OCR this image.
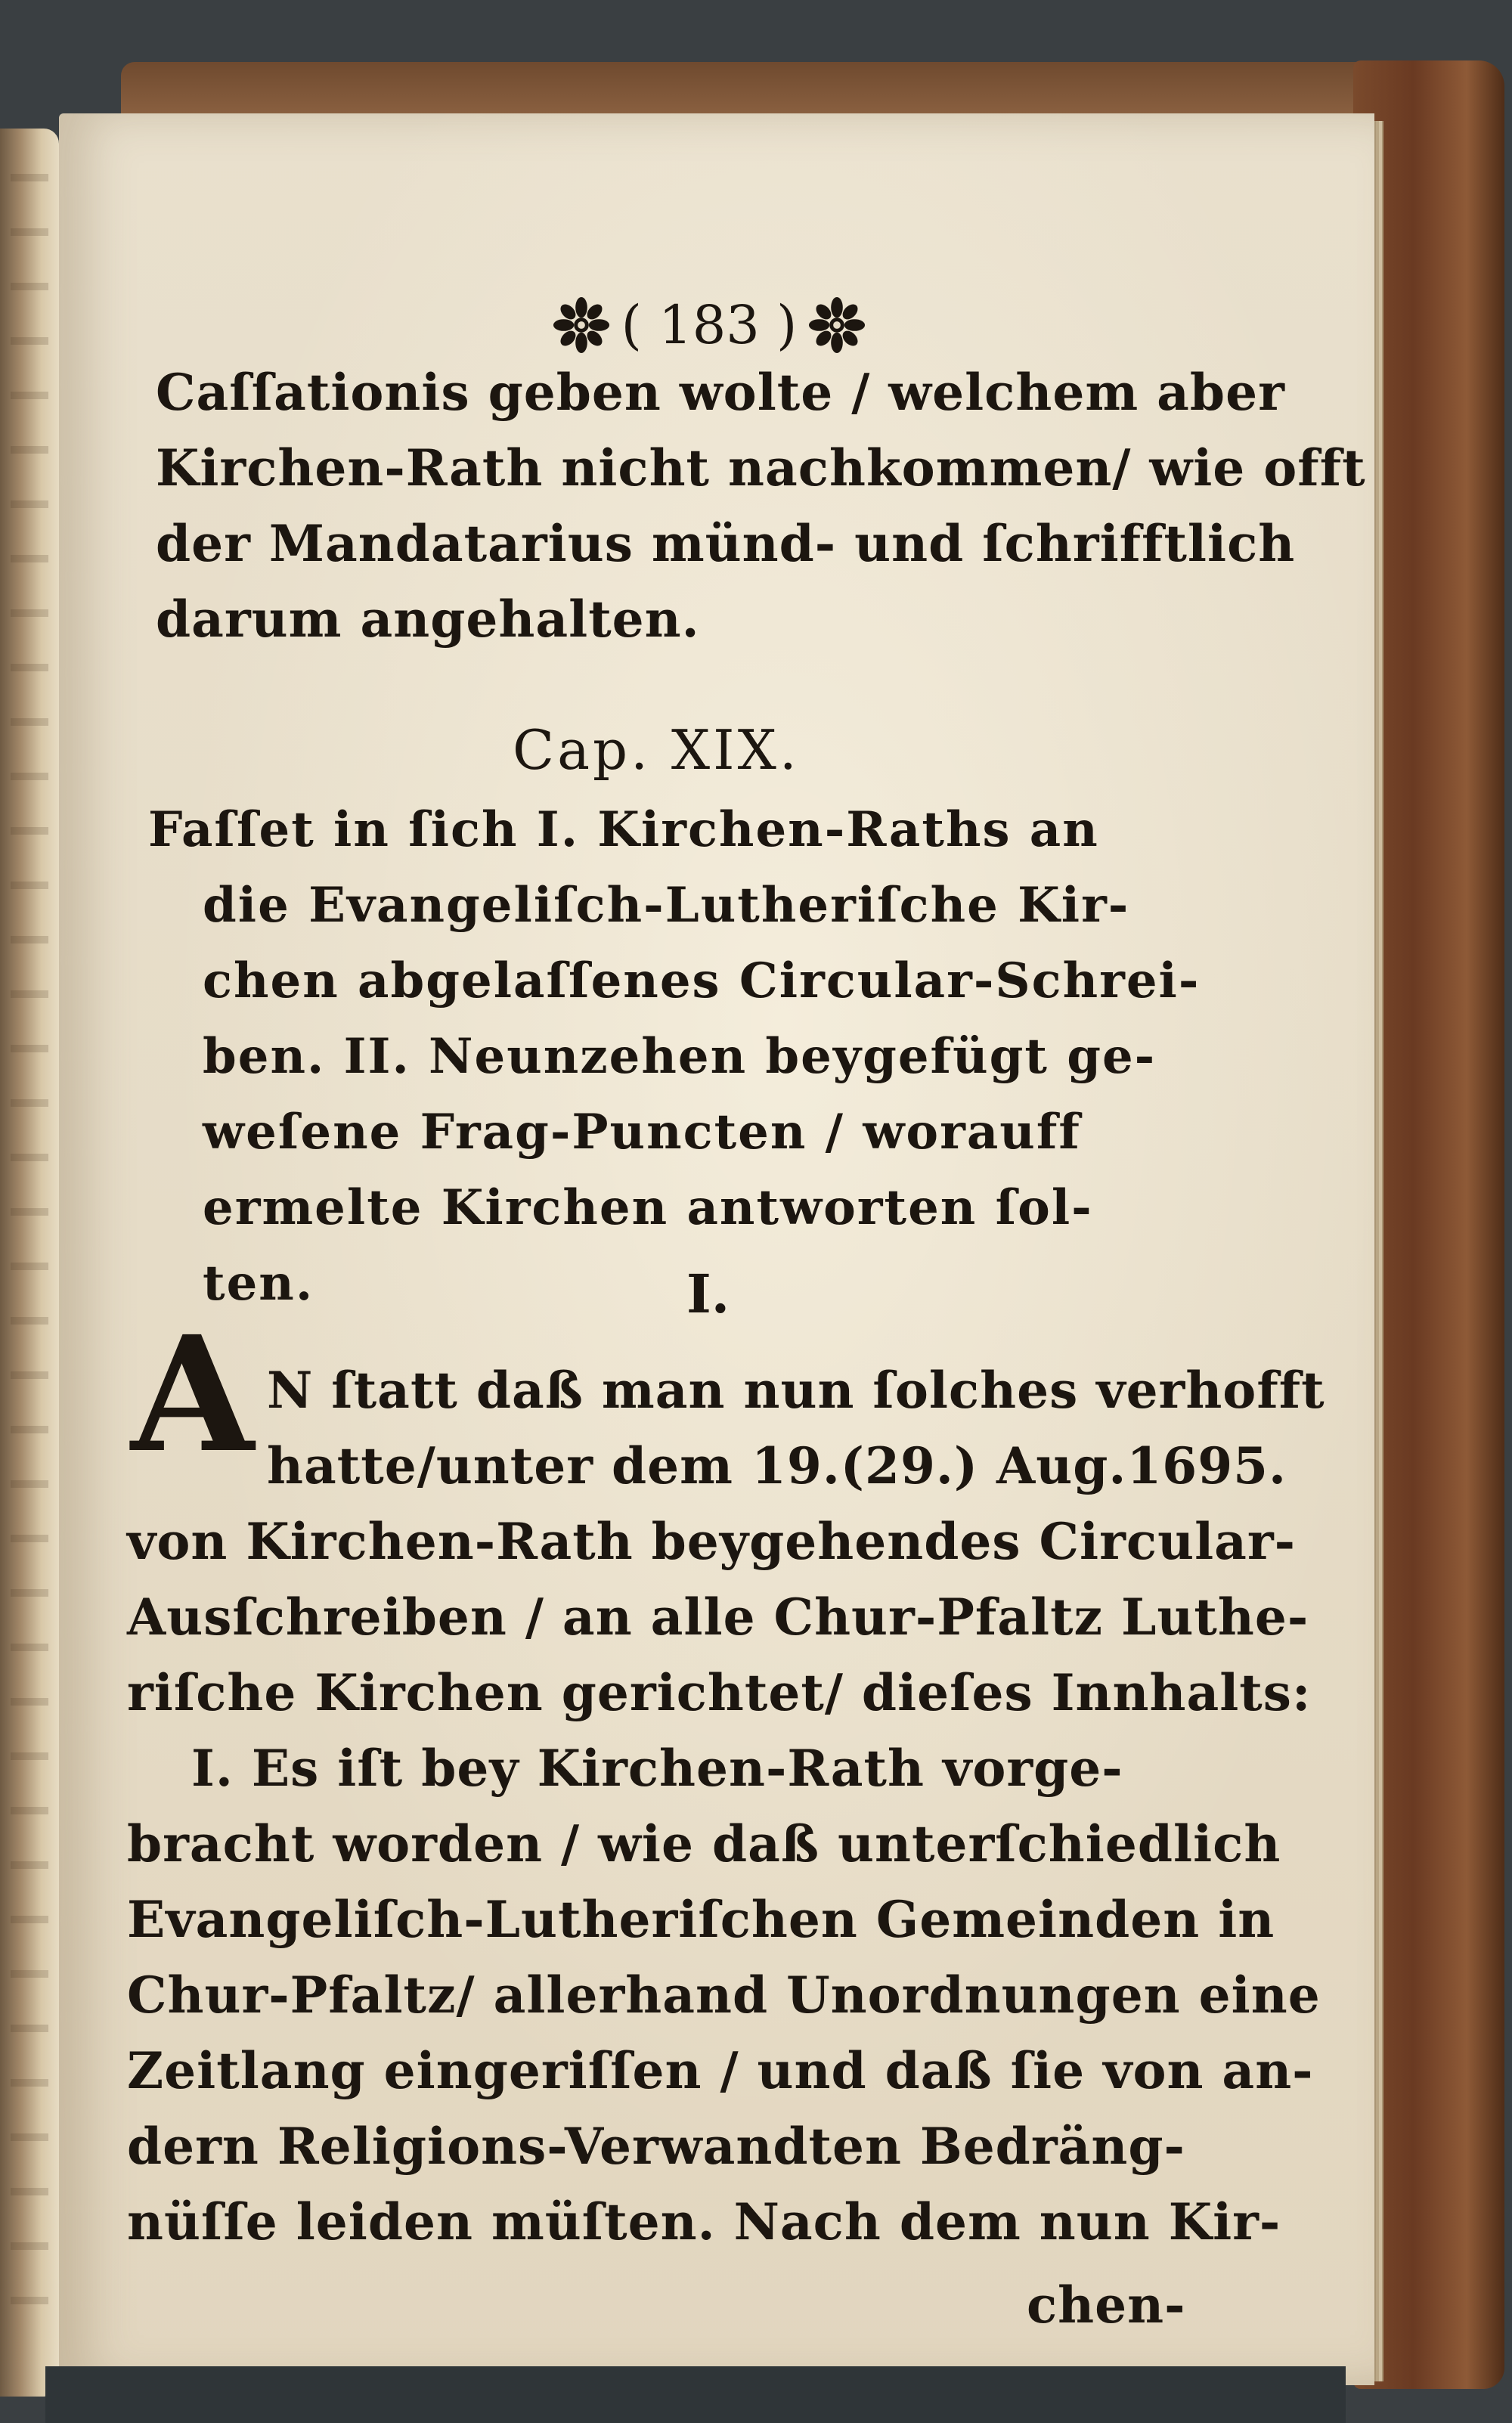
( 183 )
Caſſationis geben wolte / welchem aber
Kirchen-Rath nicht nachkommen/ wie offt
der Mandatarius münd- und ſchrifftlich
darum angehalten.
Cap. XIX.
Faſſet in ſich I. Kirchen-Raths an
die Evangeliſch-Lutheriſche Kir-
chen abgelaſſenes Circular-Schrei-
ben. II. Neunzehen beygefügt ge-
weſene Frag-Puncten / worauff
ermelte Kirchen antworten ſol-
ten.	I.
A N ſtatt daß man nun ſolches verhofft
hatte/unter dem 19.(29.) Aug.1695.
von Kirchen-Rath beygehendes Circular-
Ausſchreiben / an alle Chur-Pfaltz Luthe-
riſche Kirchen gerichtet/ dieſes Innhalts:
I. Es iſt bey Kirchen-Rath vorge-
bracht worden / wie daß unterſchiedlich
Evangeliſch-Lutheriſchen Gemeinden in
Chur-Pfaltz/ allerhand Unordnungen eine
Zeitlang eingeriſſen / und daß ſie von an-
dern Religions-Verwandten Bedräng-
nüſſe leiden müſten. Nach dem nun Kir-
chen-
